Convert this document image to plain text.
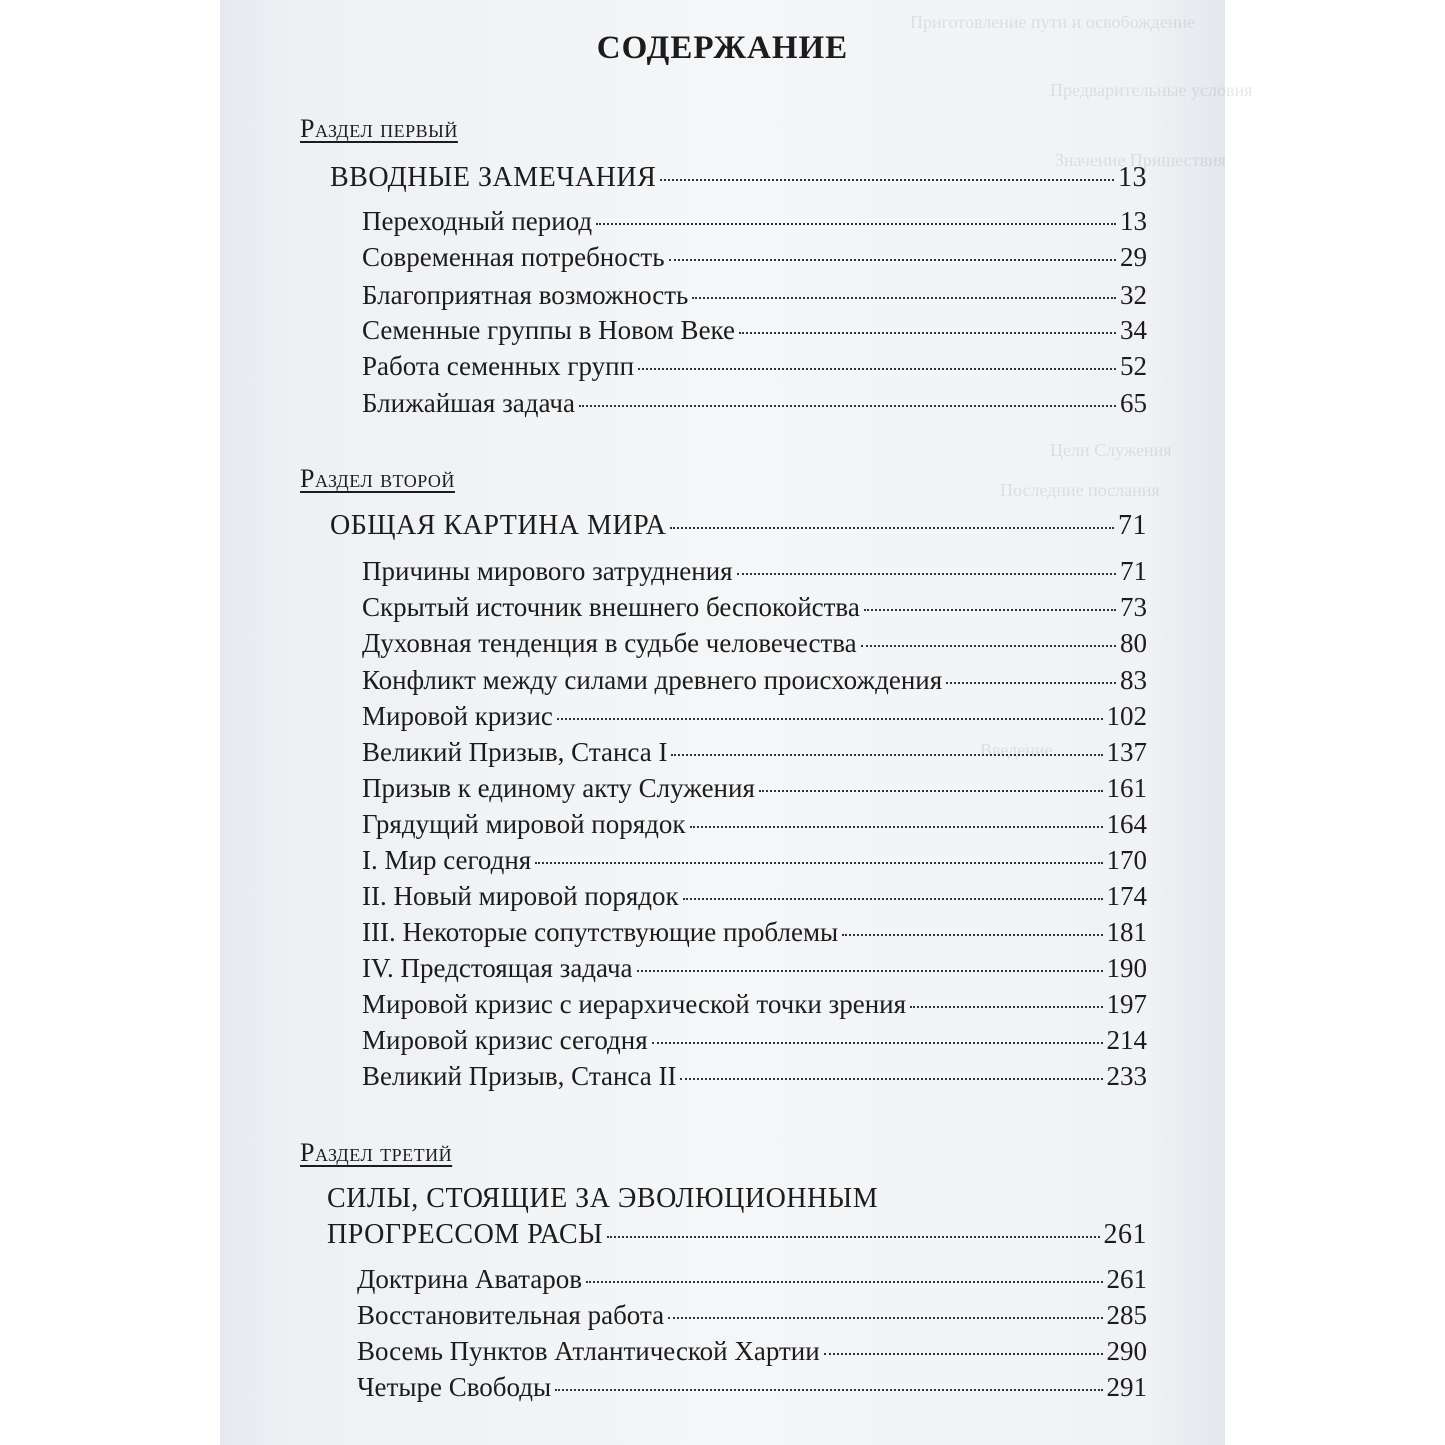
Приготовление пути и освобождение
Предварительные условия
Значение Пришествия
Цели Служения
Последние послания
Введение
СОДЕРЖАНИЕ
Раздел первый
ВВОДНЫЕ ЗАМЕЧАНИЯ	13
Переходный период	13
Современная потребность	29
Благоприятная возможность	32
Семенные группы в Новом Веке	34
Работа семенных групп	52
Ближайшая задача	65
Раздел второй
ОБЩАЯ КАРТИНА МИРА	71
Причины мирового затруднения	71
Скрытый источник внешнего беспокойства	73
Духовная тенденция в судьбе человечества	80
Конфликт между силами древнего происхождения	83
Мировой кризис	102
Великий Призыв, Станса I	137
Призыв к единому акту Служения	161
Грядущий мировой порядок	164
I. Мир сегодня	170
II. Новый мировой порядок	174
III. Некоторые сопутствующие проблемы	181
IV. Предстоящая задача	190
Мировой кризис с иерархической точки зрения	197
Мировой кризис сегодня	214
Великий Призыв, Станса II	233
Раздел третий
СИЛЫ, СТОЯЩИЕ ЗА ЭВОЛЮЦИОННЫМ
ПРОГРЕССОМ РАСЫ	261
Доктрина Аватаров	261
Восстановительная работа	285
Восемь Пунктов Атлантической Хартии	290
Четыре Свободы	291
